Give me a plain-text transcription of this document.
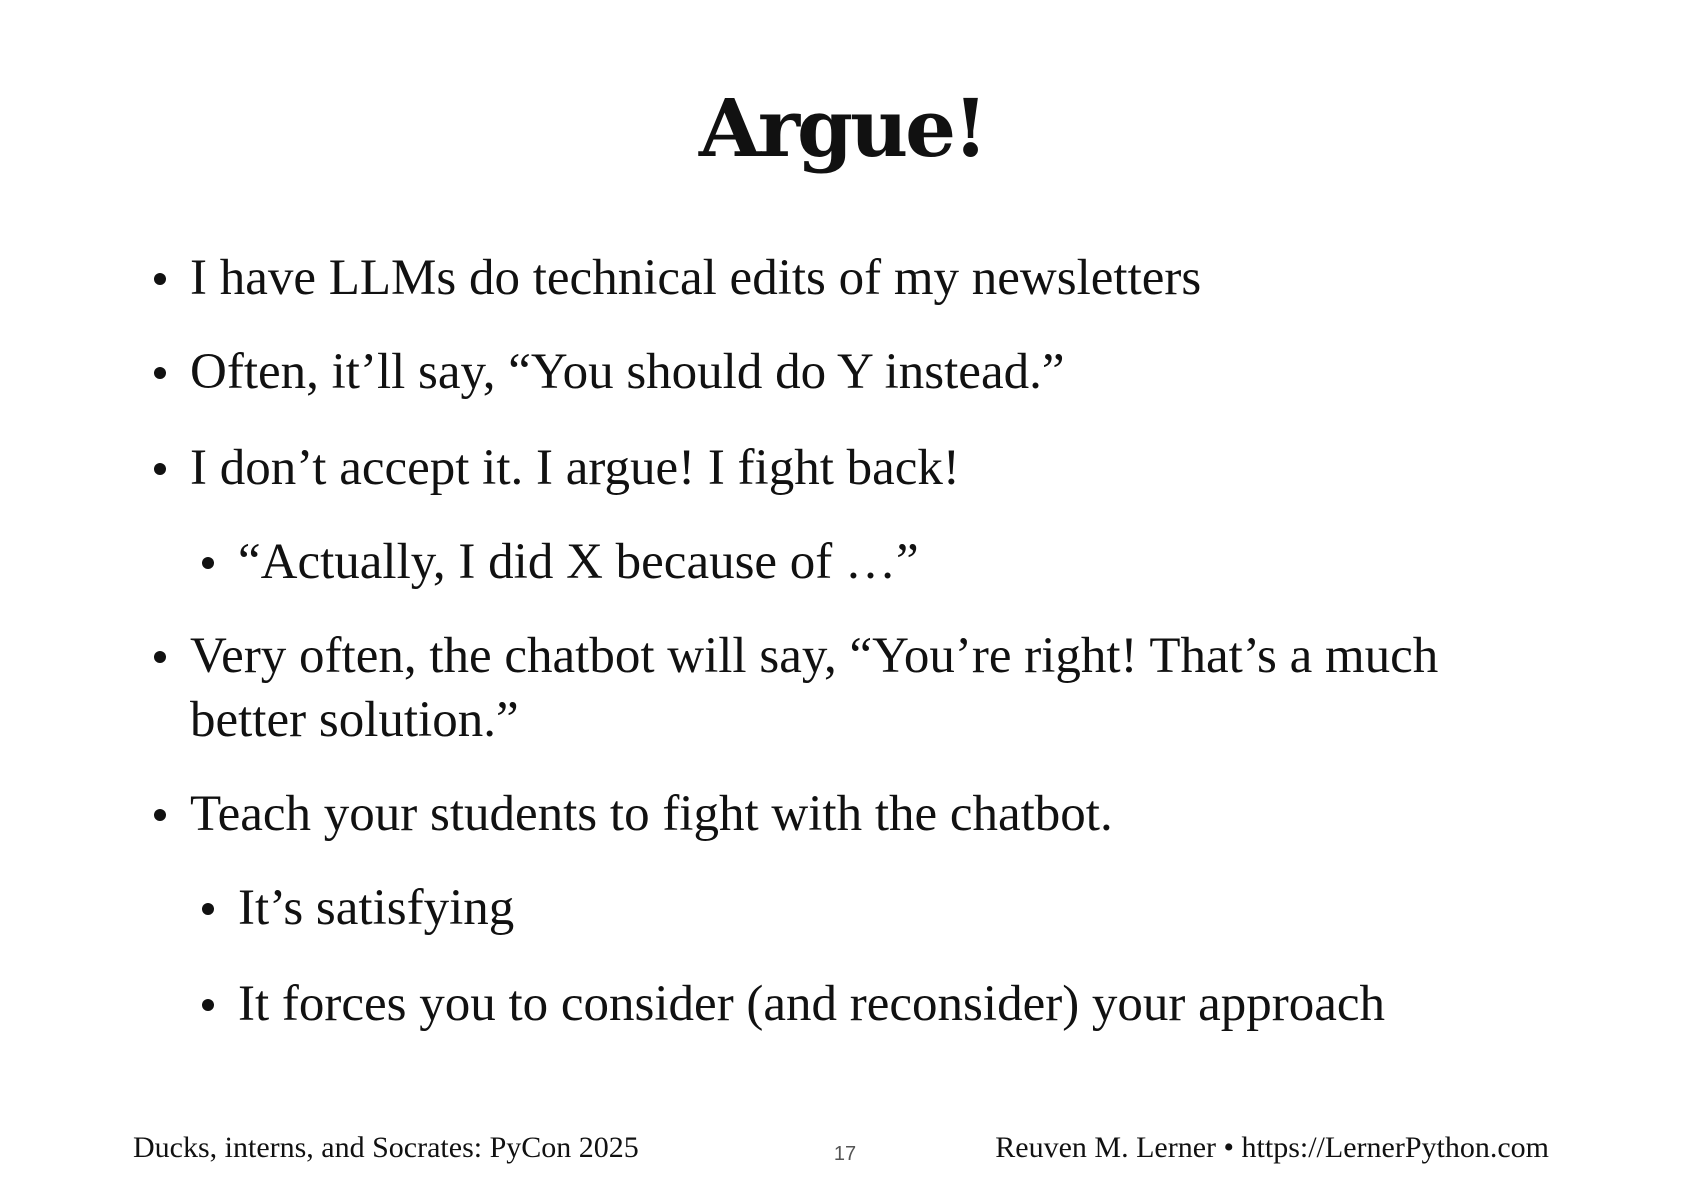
Argue!
I have LLMs do technical edits of my newsletters
Often, it’ll say, “You should do Y instead.”
I don’t accept it. I argue! I fight back!
“Actually, I did X because of …”
Very often, the chatbot will say, “You’re right! That’s a much better solution.”
Teach your students to fight with the chatbot.
It’s satisfying
It forces you to consider (and reconsider) your approach
Ducks, interns, and Socrates: PyCon 2025	17	Reuven M. Lerner • https://LernerPython.com
